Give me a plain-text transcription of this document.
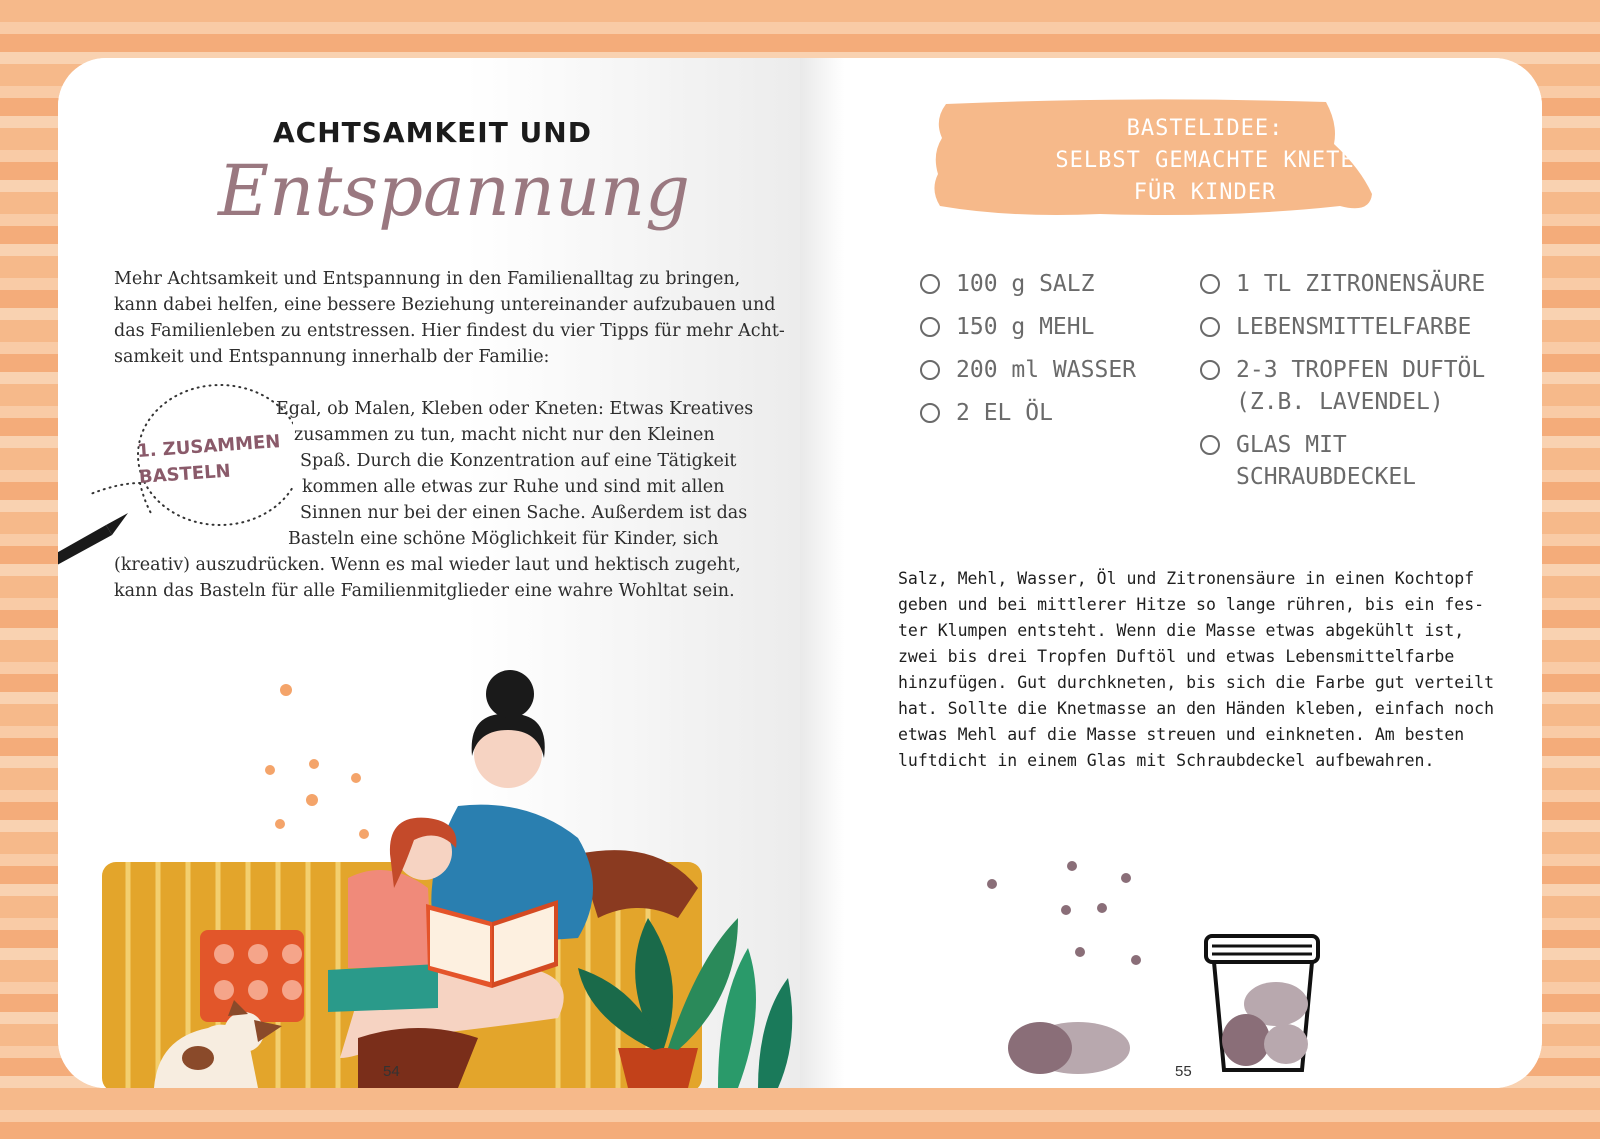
ACHTSAMKEIT UND
Entspannung
Mehr Achtsamkeit und Entspannung in den Familienalltag zu bringen,
kann dabei helfen, eine bessere Beziehung untereinander aufzubauen und
das Familienleben zu entstressen. Hier findest du vier Tipps für mehr Acht-
samkeit und Entspannung innerhalb der Familie:
1. ZUSAMMEN
BASTELN
Egal, ob Malen, Kleben oder Kneten: Etwas Kreatives
zusammen zu tun, macht nicht nur den Kleinen
Spaß. Durch die Konzentration auf eine Tätigkeit
kommen alle etwas zur Ruhe und sind mit allen
Sinnen nur bei der einen Sache. Außerdem ist das
Basteln eine schöne Möglichkeit für Kinder, sich
(kreativ) auszudrücken. Wenn es mal wieder laut und hektisch zugeht,
kann das Basteln für alle Familienmitglieder eine wahre Wohltat sein.
54
BASTELIDEE:
SELBST GEMACHTE KNETE
FÜR KINDER
100 g SALZ
150 g MEHL
200 ml WASSER
2 EL ÖL
1 TL ZITRONENSÄURE
LEBENSMITTELFARBE
2-3 TROPFEN DUFTÖL
(Z.B. LAVENDEL)
GLAS MIT
SCHRAUBDECKEL
Salz, Mehl, Wasser, Öl und Zitronensäure in einen Kochtopf
geben und bei mittlerer Hitze so lange rühren, bis ein fes-
ter Klumpen entsteht. Wenn die Masse etwas abgekühlt ist,
zwei bis drei Tropfen Duftöl und etwas Lebensmittelfarbe
hinzufügen. Gut durchkneten, bis sich die Farbe gut verteilt
hat. Sollte die Knetmasse an den Händen kleben, einfach noch
etwas Mehl auf die Masse streuen und einkneten. Am besten
luftdicht in einem Glas mit Schraubdeckel aufbewahren.
55
